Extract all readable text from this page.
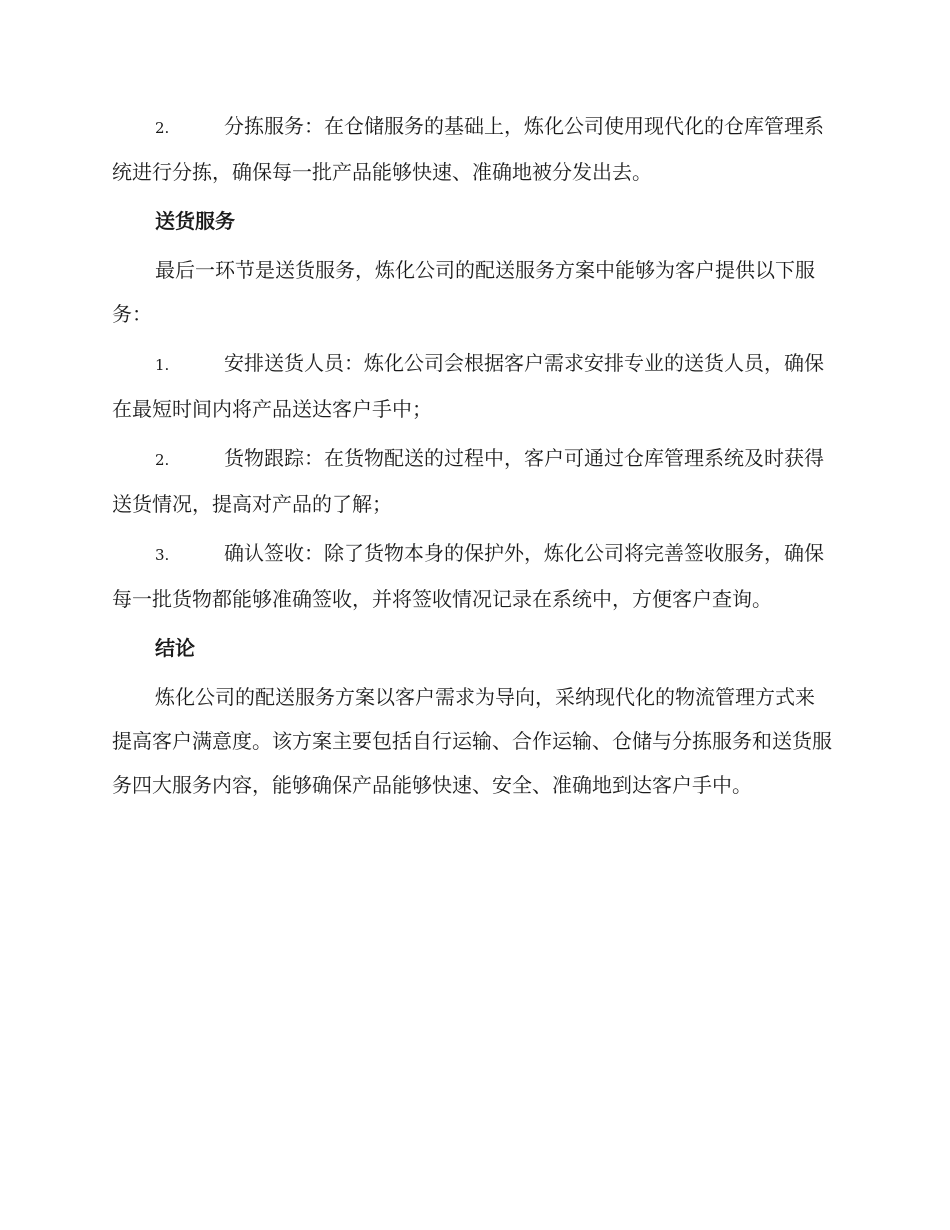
2.	分拣服务：在仓储服务的基础上，炼化公司使用现代化的仓库管理系统进行分拣，确保每一批产品能够快速、准确地被分发出去。

送货服务

最后一环节是送货服务，炼化公司的配送服务方案中能够为客户提供以下服务：

1.	安排送货人员：炼化公司会根据客户需求安排专业的送货人员，确保在最短时间内将产品送达客户手中；

2.	货物跟踪：在货物配送的过程中，客户可通过仓库管理系统及时获得送货情况，提高对产品的了解；

3.	确认签收：除了货物本身的保护外，炼化公司将完善签收服务，确保每一批货物都能够准确签收，并将签收情况记录在系统中，方便客户查询。

结论

炼化公司的配送服务方案以客户需求为导向，采纳现代化的物流管理方式来提高客户满意度。该方案主要包括自行运输、合作运输、仓储与分拣服务和送货服务四大服务内容，能够确保产品能够快速、安全、准确地到达客户手中。
